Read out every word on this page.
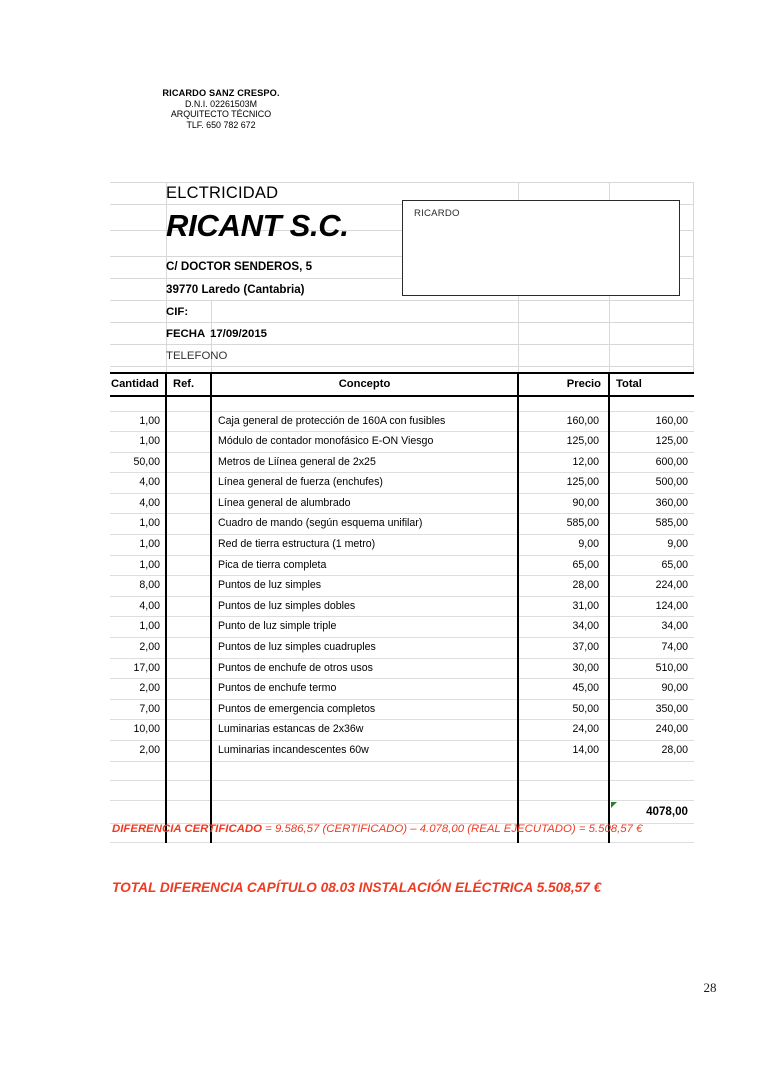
RICARDO SANZ CRESPO.
D.N.I. 02261503M
ARQUITECTO TÉCNICO
TLF. 650 782 672
ELCTRICIDAD
RICANT S.C.
C/ DOCTOR SENDEROS, 5
39770 Laredo (Cantabria)
CIF:
FECHA 17/09/2015
TELEFONO
RICARDO
Cantidad	Ref.	Concepto	Precio	Total

1,00		Caja general de protección de 160A con fusibles	160,00	160,00
1,00		Módulo de contador monofásico E-ON Viesgo	125,00	125,00
50,00		Metros de Liínea general de 2x25	12,00	600,00
4,00		Línea general de fuerza (enchufes)	125,00	500,00
4,00		Línea general de alumbrado	90,00	360,00
1,00		Cuadro de mando (según esquema unifilar)	585,00	585,00
1,00		Red de tierra estructura (1 metro)	9,00	9,00
1,00		Pica de tierra completa	65,00	65,00
8,00		Puntos de luz simples	28,00	224,00
4,00		Puntos de luz simples dobles	31,00	124,00
1,00		Punto de luz simple triple	34,00	34,00
2,00		Puntos de luz simples cuadruples	37,00	74,00
17,00		Puntos de enchufe de otros usos	30,00	510,00
2,00		Puntos de enchufe termo	45,00	90,00
7,00		Puntos de emergencia completos	50,00	350,00
10,00		Luminarias estancas de 2x36w	24,00	240,00
2,00		Luminarias incandescentes 60w	14,00	28,00

				4078,00

DIFERENCIA CERTIFICADO = 9.586,57 (CERTIFICADO) – 4.078,00 (REAL EJECUTADO) = 5.508,57 €
TOTAL DIFERENCIA CAPÍTULO 08.03 INSTALACIÓN ELÉCTRICA 5.508,57 €
28
